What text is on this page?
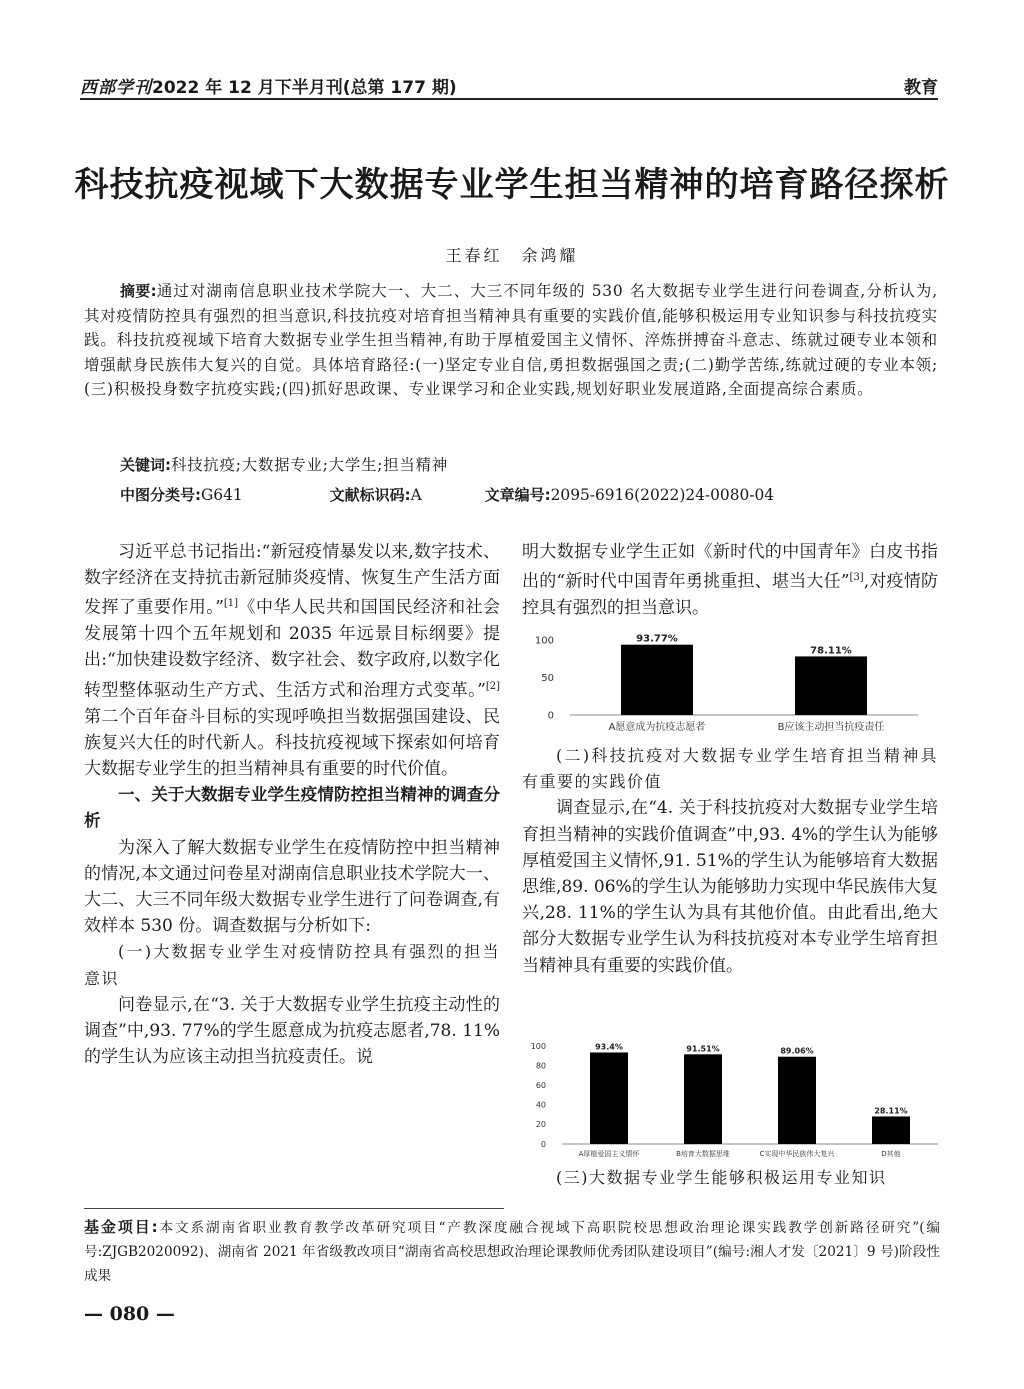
西部学刊2022 年 12 月下半月刊(总第 177 期)	教育
科技抗疫视域下大数据专业学生担当精神的培育路径探析
王春红　余鸿耀

摘要:通过对湖南信息职业技术学院大一、大二、大三不同年级的 530 名大数据专业学生进行问卷调查,分析认为,其对疫情防控具有强烈的担当意识,科技抗疫对培育担当精神具有重要的实践价值,能够积极运用专业知识参与科技抗疫实践。科技抗疫视域下培育大数据专业学生担当精神,有助于厚植爱国主义情怀、淬炼拼搏奋斗意志、练就过硬专业本领和增强献身民族伟大复兴的自觉。具体培育路径:(一)坚定专业自信,勇担数据强国之责;(二)勤学苦练,练就过硬的专业本领;(三)积极投身数字抗疫实践;(四)抓好思政课、专业课学习和企业实践,规划好职业发展道路,全面提高综合素质。

关键词:科技抗疫;大数据专业;大学生;担当精神
中图分类号:G641	文献标识码:A	文章编号:2095-6916(2022)24-0080-04

习近平总书记指出:“新冠疫情暴发以来,数字技术、数字经济在支持抗击新冠肺炎疫情、恢复生产生活方面发挥了重要作用。”[1]《中华人民共和国国民经济和社会发展第十四个五年规划和 2035 年远景目标纲要》提出:“加快建设数字经济、数字社会、数字政府,以数字化转型整体驱动生产方式、生活方式和治理方式变革。”[2]第二个百年奋斗目标的实现呼唤担当数据强国建设、民族复兴大任的时代新人。科技抗疫视域下探索如何培育大数据专业学生的担当精神具有重要的时代价值。

一、关于大数据专业学生疫情防控担当精神的调查分析

为深入了解大数据专业学生在疫情防控中担当精神的情况,本文通过问卷星对湖南信息职业技术学院大一、大二、大三不同年级大数据专业学生进行了问卷调查,有效样本 530 份。调查数据与分析如下:

(一)大数据专业学生对疫情防控具有强烈的担当意识

问卷显示,在“3. 关于大数据专业学生抗疫主动性的调查”中,93. 77%的学生愿意成为抗疫志愿者,78. 11%的学生认为应该主动担当抗疫责任。说

明大数据专业学生正如《新时代的中国青年》白皮书指出的“新时代中国青年勇挑重担、堪当大任”[3],对疫情防控具有强烈的担当意识。

0
50
100	93.77%
A愿意成为抗疫志愿者
78.11%
B应该主动担当抗疫责任

(二)科技抗疫对大数据专业学生培育担当精神具有重要的实践价值

调查显示,在“4. 关于科技抗疫对大数据专业学生培育担当精神的实践价值调查”中,93. 4%的学生认为能够厚植爱国主义情怀,91. 51%的学生认为能够培育大数据思维,89. 06%的学生认为能够助力实现中华民族伟大复兴,28. 11%的学生认为具有其他价值。由此看出,绝大部分大数据专业学生认为科技抗疫对本专业学生培育担当精神具有重要的实践价值。

0
20
40
60
80
100	93.4%
A厚植爱国主义情怀
91.51%
B培育大数据思维
89.06%
C实现中华民族伟大复兴
28.11%
D其他

(三)大数据专业学生能够积极运用专业知识

基金项目:本文系湖南省职业教育教学改革研究项目“产教深度融合视域下高职院校思想政治理论课实践教学创新路径研究”(编号:ZJGB2020092)、湖南省 2021 年省级教改项目“湖南省高校思想政治理论课教师优秀团队建设项目”(编号:湘人才发〔2021〕9 号)阶段性成果
— 080 —
